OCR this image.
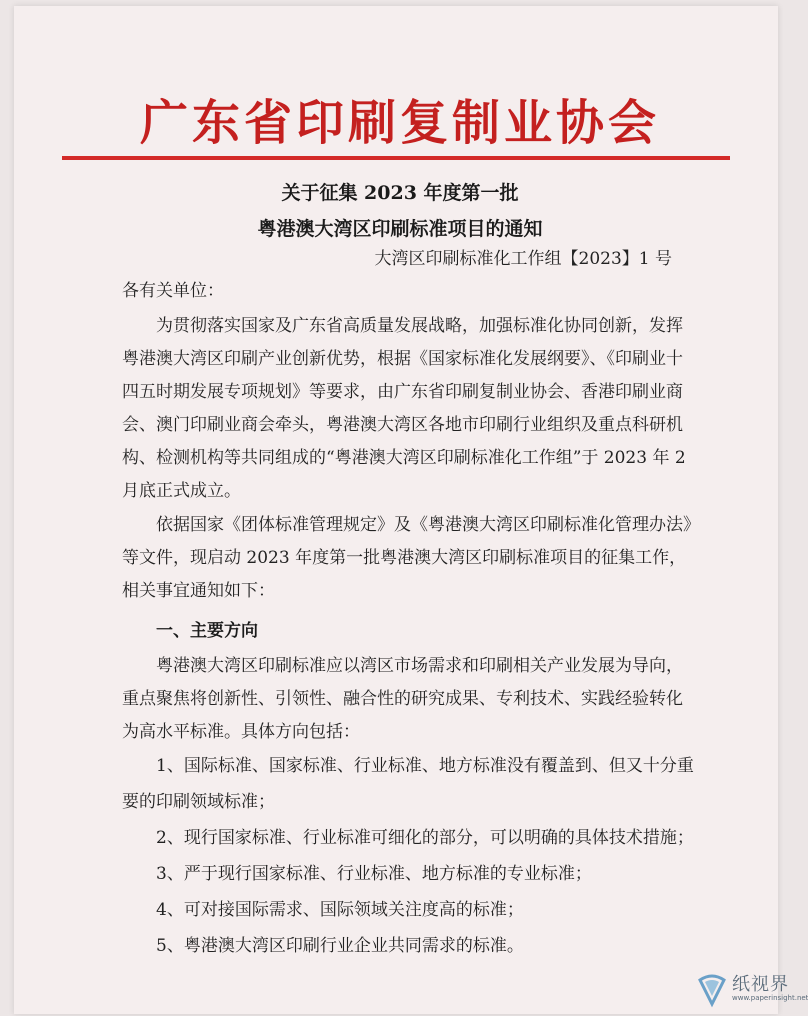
广东省印刷复制业协会
关于征集 2023 年度第一批
粤港澳大湾区印刷标准项目的通知
大湾区印刷标准化工作组【2023】1 号
各有关单位：

为贯彻落实国家及广东省高质量发展战略，加强标准化协同创新，发挥粤港澳大湾区印刷产业创新优势，根据《国家标准化发展纲要》、《印刷业十四五时期发展专项规划》等要求，由广东省印刷复制业协会、香港印刷业商会、澳门印刷业商会牵头，粤港澳大湾区各地市印刷行业组织及重点科研机构、检测机构等共同组成的“粤港澳大湾区印刷标准化工作组”于 2023 年 2 月底正式成立。

依据国家《团体标准管理规定》及《粤港澳大湾区印刷标准化管理办法》等文件，现启动 2023 年度第一批粤港澳大湾区印刷标准项目的征集工作，相关事宜通知如下：

一、主要方向

粤港澳大湾区印刷标准应以湾区市场需求和印刷相关产业发展为导向，重点聚焦将创新性、引领性、融合性的研究成果、专利技术、实践经验转化为高水平标准。具体方向包括：

1、国际标准、国家标准、行业标准、地方标准没有覆盖到、但又十分重要的印刷领域标准；

2、现行国家标准、行业标准可细化的部分，可以明确的具体技术措施；

3、严于现行国家标准、行业标准、地方标准的专业标准；

4、可对接国际需求、国际领域关注度高的标准；

5、粤港澳大湾区印刷行业企业共同需求的标准。

纸视界
www.paperinsight.net
